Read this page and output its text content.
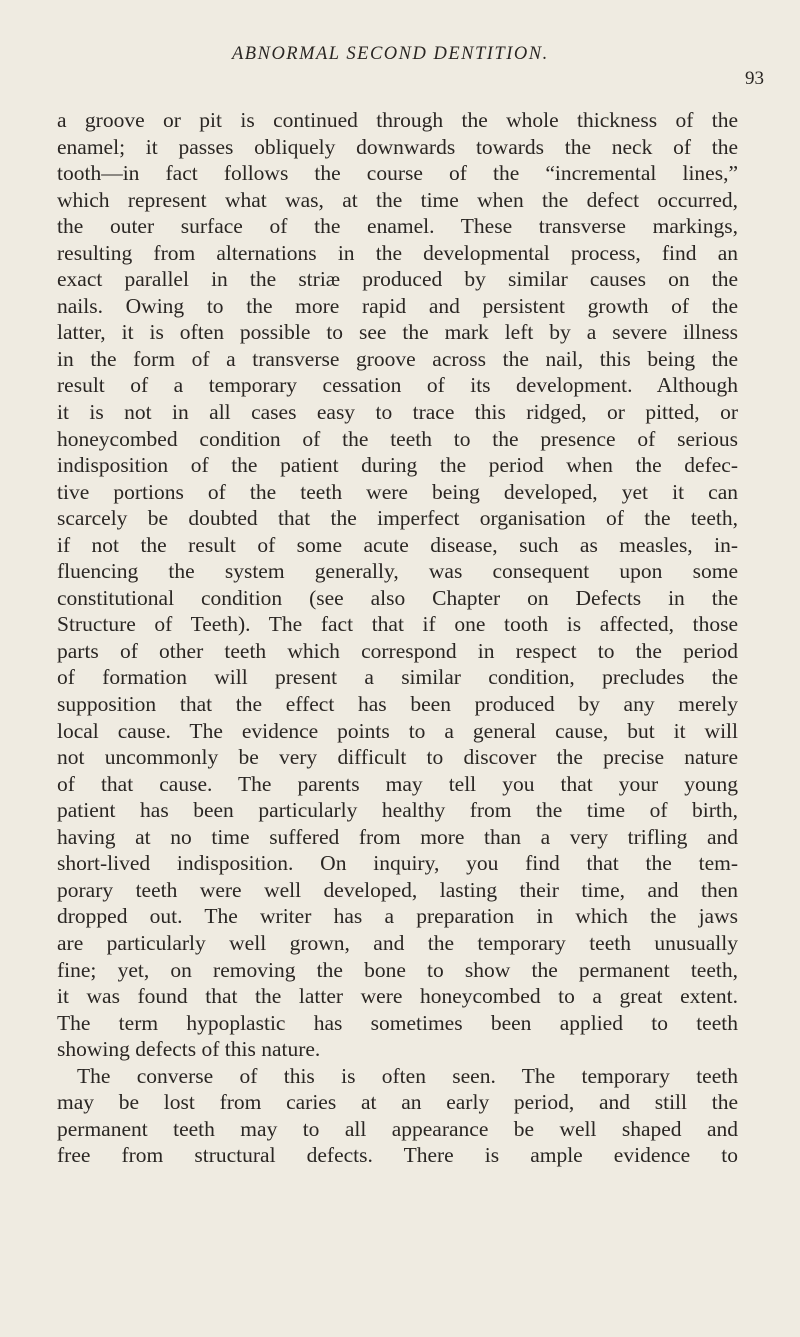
ABNORMAL SECOND DENTITION.
93
a groove or pit is continued through the whole thickness of the
enamel; it passes obliquely downwards towards the neck of the
tooth—in fact follows the course of the “incremental lines,”
which represent what was, at the time when the defect occurred,
the outer surface of the enamel. These transverse markings,
resulting from alternations in the developmental process, find an
exact parallel in the striæ produced by similar causes on the
nails. Owing to the more rapid and persistent growth of the
latter, it is often possible to see the mark left by a severe illness
in the form of a transverse groove across the nail, this being the
result of a temporary cessation of its development. Although
it is not in all cases easy to trace this ridged, or pitted, or
honeycombed condition of the teeth to the presence of serious
indisposition of the patient during the period when the defec-
tive portions of the teeth were being developed, yet it can
scarcely be doubted that the imperfect organisation of the teeth,
if not the result of some acute disease, such as measles, in-
fluencing the system generally, was consequent upon some
constitutional condition (see also Chapter on Defects in the
Structure of Teeth). The fact that if one tooth is affected, those
parts of other teeth which correspond in respect to the period
of formation will present a similar condition, precludes the
supposition that the effect has been produced by any merely
local cause. The evidence points to a general cause, but it will
not uncommonly be very difficult to discover the precise nature
of that cause. The parents may tell you that your young
patient has been particularly healthy from the time of birth,
having at no time suffered from more than a very trifling and
short-lived indisposition. On inquiry, you find that the tem-
porary teeth were well developed, lasting their time, and then
dropped out. The writer has a preparation in which the jaws
are particularly well grown, and the temporary teeth unusually
fine; yet, on removing the bone to show the permanent teeth,
it was found that the latter were honeycombed to a great extent.
The term hypoplastic has sometimes been applied to teeth
showing defects of this nature.
The converse of this is often seen. The temporary teeth
may be lost from caries at an early period, and still the
permanent teeth may to all appearance be well shaped and
free from structural defects. There is ample evidence to
